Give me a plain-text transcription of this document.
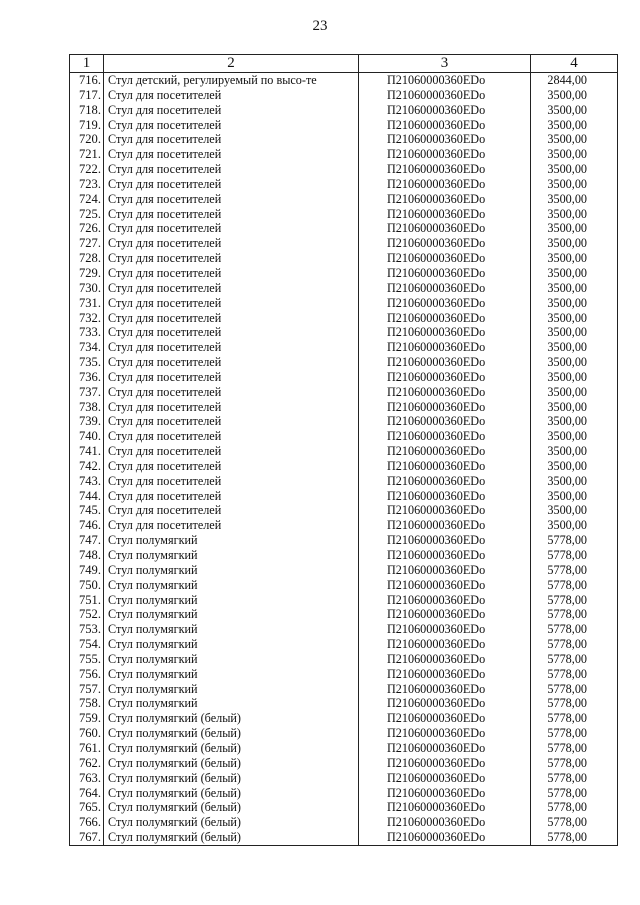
23
1	2	3	4
716.	Стул детский, регулируемый по высо-те	П21060000360EDo	2844,00
717.	Стул для посетителей	П21060000360EDo	3500,00
718.	Стул для посетителей	П21060000360EDo	3500,00
719.	Стул для посетителей	П21060000360EDo	3500,00
720.	Стул для посетителей	П21060000360EDo	3500,00
721.	Стул для посетителей	П21060000360EDo	3500,00
722.	Стул для посетителей	П21060000360EDo	3500,00
723.	Стул для посетителей	П21060000360EDo	3500,00
724.	Стул для посетителей	П21060000360EDo	3500,00
725.	Стул для посетителей	П21060000360EDo	3500,00
726.	Стул для посетителей	П21060000360EDo	3500,00
727.	Стул для посетителей	П21060000360EDo	3500,00
728.	Стул для посетителей	П21060000360EDo	3500,00
729.	Стул для посетителей	П21060000360EDo	3500,00
730.	Стул для посетителей	П21060000360EDo	3500,00
731.	Стул для посетителей	П21060000360EDo	3500,00
732.	Стул для посетителей	П21060000360EDo	3500,00
733.	Стул для посетителей	П21060000360EDo	3500,00
734.	Стул для посетителей	П21060000360EDo	3500,00
735.	Стул для посетителей	П21060000360EDo	3500,00
736.	Стул для посетителей	П21060000360EDo	3500,00
737.	Стул для посетителей	П21060000360EDo	3500,00
738.	Стул для посетителей	П21060000360EDo	3500,00
739.	Стул для посетителей	П21060000360EDo	3500,00
740.	Стул для посетителей	П21060000360EDo	3500,00
741.	Стул для посетителей	П21060000360EDo	3500,00
742.	Стул для посетителей	П21060000360EDo	3500,00
743.	Стул для посетителей	П21060000360EDo	3500,00
744.	Стул для посетителей	П21060000360EDo	3500,00
745.	Стул для посетителей	П21060000360EDo	3500,00
746.	Стул для посетителей	П21060000360EDo	3500,00
747.	Стул полумягкий	П21060000360EDo	5778,00
748.	Стул полумягкий	П21060000360EDo	5778,00
749.	Стул полумягкий	П21060000360EDo	5778,00
750.	Стул полумягкий	П21060000360EDo	5778,00
751.	Стул полумягкий	П21060000360EDo	5778,00
752.	Стул полумягкий	П21060000360EDo	5778,00
753.	Стул полумягкий	П21060000360EDo	5778,00
754.	Стул полумягкий	П21060000360EDo	5778,00
755.	Стул полумягкий	П21060000360EDo	5778,00
756.	Стул полумягкий	П21060000360EDo	5778,00
757.	Стул полумягкий	П21060000360EDo	5778,00
758.	Стул полумягкий	П21060000360EDo	5778,00
759.	Стул полумягкий (белый)	П21060000360EDo	5778,00
760.	Стул полумягкий (белый)	П21060000360EDo	5778,00
761.	Стул полумягкий (белый)	П21060000360EDo	5778,00
762.	Стул полумягкий (белый)	П21060000360EDo	5778,00
763.	Стул полумягкий (белый)	П21060000360EDo	5778,00
764.	Стул полумягкий (белый)	П21060000360EDo	5778,00
765.	Стул полумягкий (белый)	П21060000360EDo	5778,00
766.	Стул полумягкий (белый)	П21060000360EDo	5778,00
767.	Стул полумягкий (белый)	П21060000360EDo	5778,00
